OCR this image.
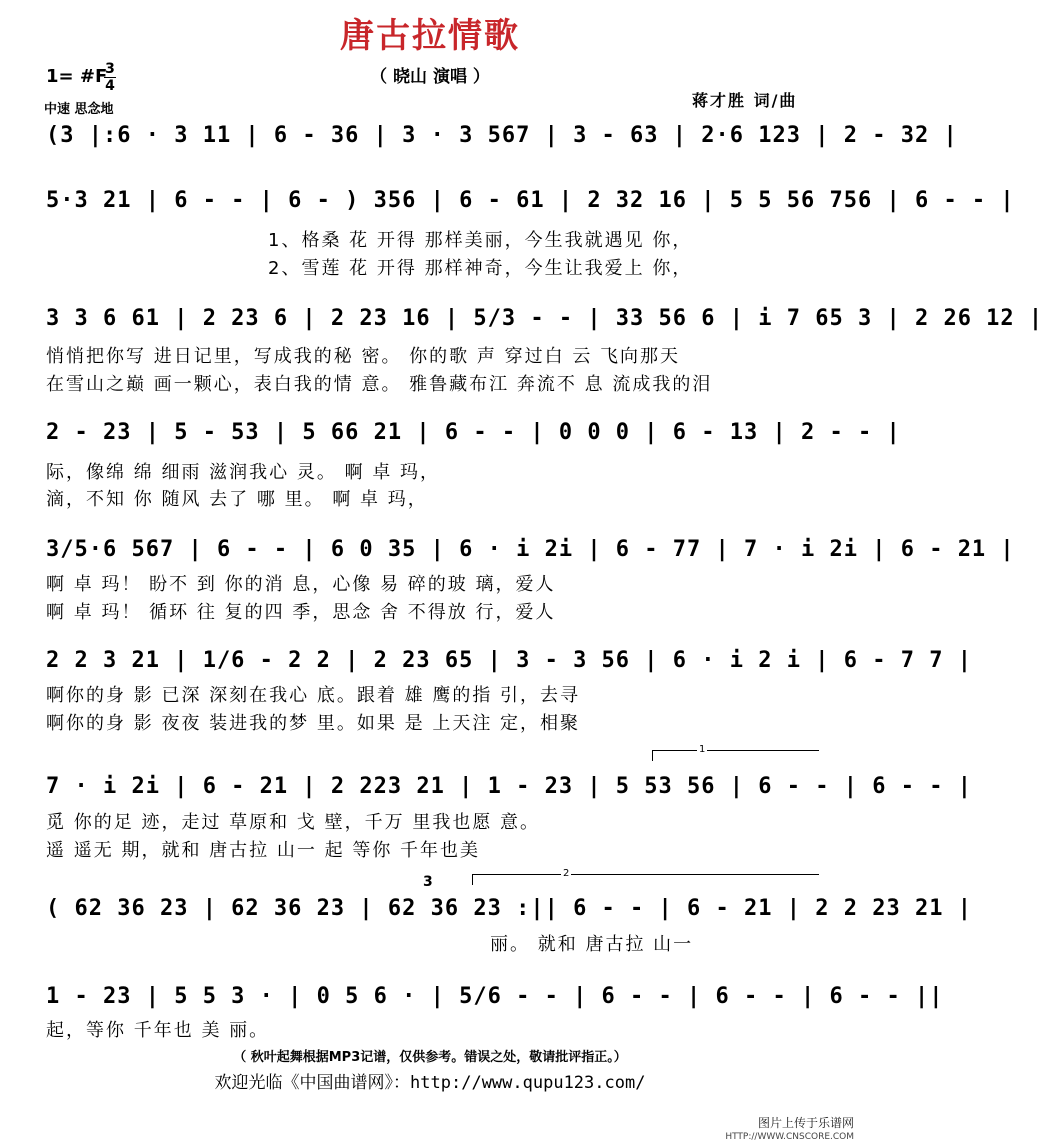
唐古拉情歌
（ 晓山 演唱 ）
1= #F
3
4
中速 思念地	蒋才胜 词/曲
(3 |:6 · 3 11 | 6 - 36 | 3 · 3 567 | 3 - 63 | 2·6 123 | 2 - 32 |
5·3 21 | 6 - - | 6 - ) 356 | 6 - 61 | 2 32 16 | 5 5 56 756 | 6 - - |
1、格桑 花 开得 那样美丽，今生我就遇见 你，
2、雪莲 花 开得 那样神奇，今生让我爱上 你，
3 3 6 61 | 2 23 6 | 2 23 16 | 5/3 - - | 33 56 6 | i 7 65 3 | 2 26 12 |
悄悄把你写 进日记里，写成我的秘 密。 你的歌 声 穿过白 云 飞向那天
在雪山之巅 画一颗心，表白我的情 意。 雅鲁藏布江 奔流不 息 流成我的泪
2 - 23 | 5 - 53 | 5 66 21 | 6 - - | 0 0 0 | 6 - 13 | 2 - - |
际，像绵 绵 细雨 滋润我心 灵。 啊 卓 玛，
滴，不知 你 随风 去了 哪 里。 啊 卓 玛，
3/5·6 567 | 6 - - | 6 0 35 | 6 · i 2i | 6 - 77 | 7 · i 2i | 6 - 21 |
啊 卓 玛！ 盼不 到 你的消 息，心像 易 碎的玻 璃，爱人
啊 卓 玛！ 循环 往 复的四 季，思念 舍 不得放 行，爱人
2 2 3 21 | 1/6 - 2 2 | 2 23 65 | 3 - 3 56 | 6 · i 2 i | 6 - 7 7 |
啊你的身 影 已深 深刻在我心 底。跟着 雄 鹰的指 引，去寻
啊你的身 影 夜夜 装进我的梦 里。如果 是 上天注 定，相聚
1
7 · i 2i | 6 - 21 | 2 223 21 | 1 - 23 | 5 53 56 | 6 - - | 6 - - |
觅 你的足 迹，走过 草原和 戈 壁，千万 里我也愿 意。
遥 遥无 期，就和 唐古拉 山一 起 等你 千年也美
3
2
( 62 36 23 | 62 36 23 | 62 36 23 :|| 6 - - | 6 - 21 | 2 2 23 21 |
丽。 就和 唐古拉 山一
1 - 23 | 5 5 3 · | 0 5 6 · | 5/6 - - | 6 - - | 6 - - | 6 - - ||
起，等你 千年也 美 丽。
（ 秋叶起舞根据MP3记谱，仅供参考。错误之处，敬请批评指正。）
欢迎光临《中国曲谱网》：http://www.qupu123.com/
图片上传于乐谱网
HTTP://WWW.CNSCORE.COM
